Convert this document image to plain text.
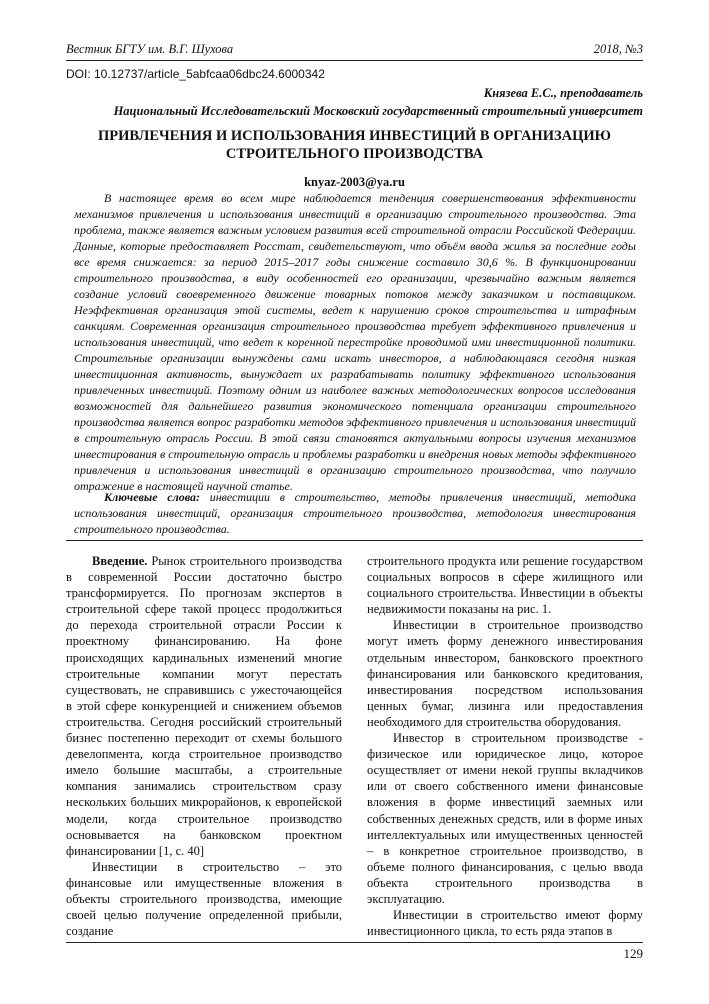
Вестник БГТУ им. В.Г. Шухова	2018, №3
DOI: 10.12737/article_5abfcaa06dbc24.6000342
Князева Е.С., преподаватель
Национальный Исследовательский Московский государственный строительный университет
ПРИВЛЕЧЕНИЯ И ИСПОЛЬЗОВАНИЯ ИНВЕСТИЦИЙ В ОРГАНИЗАЦИЮ
СТРОИТЕЛЬНОГО ПРОИЗВОДСТВА
knyaz-2003@ya.ru

В настоящее время во всем мире наблюдается тенденция совершенствования эффективности механизмов привлечения и использования инвестиций в организацию строительного производства. Эта проблема, также является важным условием развития всей строительной отрасли Российской Федерации. Данные, которые предоставляет Росстат, свидетельствуют, что объём ввода жилья за последние годы все время снижается: за период 2015–2017 годы снижение составило 30,6 %. В функционировании строительного производства, в виду особенностей его организации, чрезвычайно важным является создание условий своевременного движение товарных потоков между заказчиком и поставщиком. Неэффективная организация этой системы, ведет к нарушению сроков строительства и штрафным санкциям. Современная организация строительного производства требует эффективного привлечения и использования инвестиций, что ведет к коренной перестройке проводимой ими инвестиционной политики. Строительные организации вынуждены сами искать инвесторов, а наблюдающаяся сегодня низкая инвестиционная активность, вынуждает их разрабатывать политику эффективного использования привлеченных инвестиций. Поэтому одним из наиболее важных методологических вопросов исследования возможностей для дальнейшего развития экономического потенциала организации строительного производства является вопрос разработки методов эффективного привлечения и использования инвестиций в строительную отрасль России. В этой связи становятся актуальными вопросы изучения механизмов инвестирования в строительную отрасль и проблемы разработки и внедрения новых методы эффективного привлечения и использования инвестиций в организацию строительного производства, что получило отражение в настоящей научной статье.

Ключевые слова: инвестиции в строительство, методы привлечения инвестиций, методика использования инвестиций, организация строительного производства, методология инвестирования строительного производства.

Введение. Рынок строительного производства в современной России достаточно быстро трансформируется. По прогнозам экспертов в строительной сфере такой процесс продолжиться до перехода строительной отрасли России к проектному финансированию. На фоне происходящих кардинальных изменений многие строительные компании могут перестать существовать, не справившись с ужесточающейся в этой сфере конкуренцией и снижением объемов строительства. Сегодня российский строительный бизнес постепенно переходит от схемы большого девелопмента, когда строительное производство имело большие масштабы, а строительные компания занимались строительством сразу нескольких больших микрорайонов, к европейской модели, когда строительное производство основывается на банковском проектном финансировании [1, с. 40]

Инвестиции в строительство – это финансовые или имущественные вложения в объекты строительного производства, имеющие своей целью получение определенной прибыли, создание

строительного продукта или решение государством социальных вопросов в сфере жилищного или социального строительства. Инвестиции в объекты недвижимости показаны на рис. 1.

Инвестиции в строительное производство могут иметь форму денежного инвестирования отдельным инвестором, банковского проектного финансирования или банковского кредитования, инвестирования посредством использования ценных бумаг, лизинга или предоставления необходимого для строительства оборудования.

Инвестор в строительном производстве - физическое или юридическое лицо, которое осуществляет от имени некой группы вкладчиков или от своего собственного имени финансовые вложения в форме инвестиций заемных или собственных денежных средств, или в форме иных интеллектуальных или имущественных ценностей – в конкретное строительное производство, в объеме полного финансирования, с целью ввода объекта строительного производства в эксплуатацию.

Инвестиции в строительство имеют форму инвестиционного цикла, то есть ряда этапов в

129
